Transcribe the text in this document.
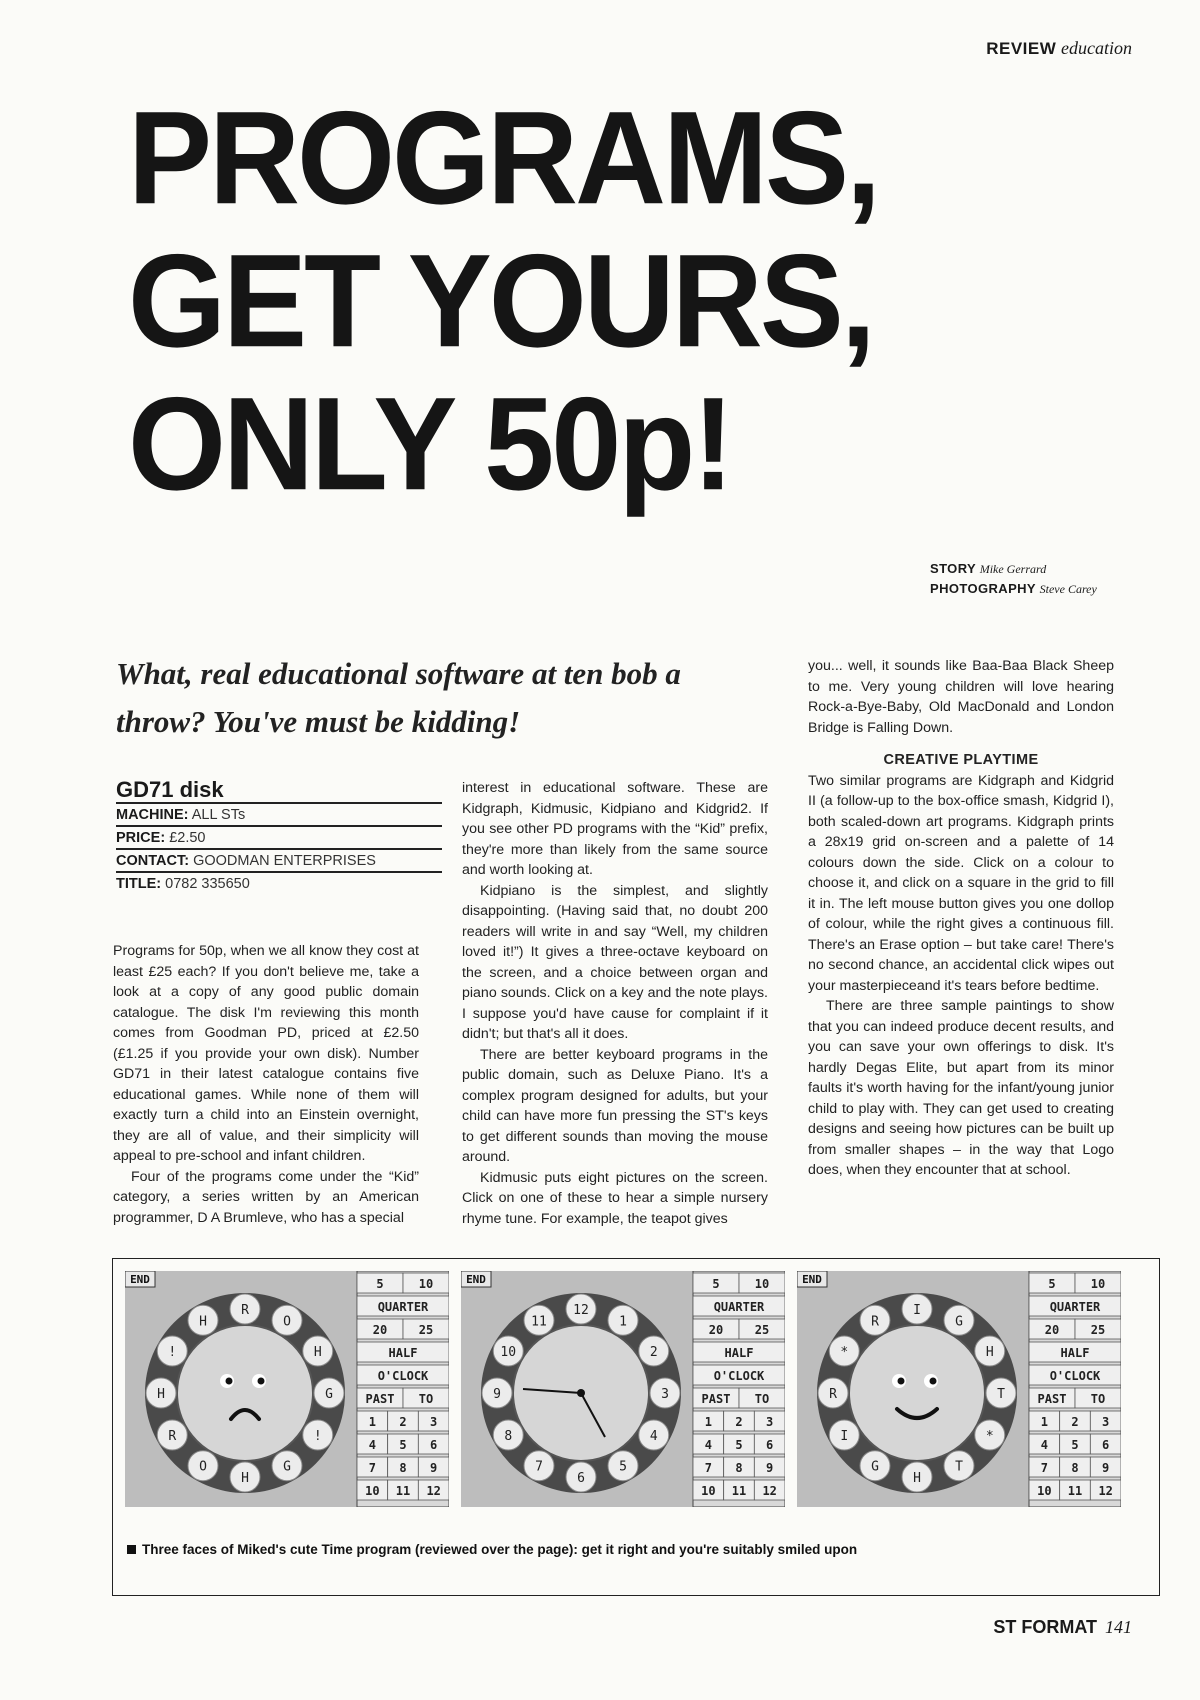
REVIEW education
PROGRAMS,
GET YOURS,
ONLY 50p!
STORY Mike Gerrard
PHOTOGRAPHY Steve Carey
What, real educational software at ten bob a throw? You've must be kidding!
GD71 disk
MACHINE: ALL STs
PRICE: £2.50
CONTACT: GOODMAN ENTERPRISES
TITLE: 0782 335650

Programs for 50p, when we all know they cost at least £25 each? If you don't believe me, take a look at a copy of any good public domain catalogue. The disk I'm reviewing this month comes from Goodman PD, priced at £2.50 (£1.25 if you provide your own disk). Number GD71 in their latest catalogue contains five educational games. While none of them will exactly turn a child into an Einstein overnight, they are all of value, and their simplicity will appeal to pre-school and infant children.

Four of the programs come under the “Kid” category, a series written by an American programmer, D A Brumleve, who has a special

interest in educational software. These are Kidgraph, Kidmusic, Kidpiano and Kidgrid2. If you see other PD programs with the “Kid” prefix, they're more than likely from the same source and worth looking at.

Kidpiano is the simplest, and slightly disappointing. (Having said that, no doubt 200 readers will write in and say “Well, my children loved it!”) It gives a three-octave keyboard on the screen, and a choice between organ and piano sounds. Click on a key and the note plays. I suppose you'd have cause for complaint if it didn't; but that's all it does.

There are better keyboard programs in the public domain, such as Deluxe Piano. It's a complex program designed for adults, but your child can have more fun pressing the ST's keys to get different sounds than moving the mouse around.

Kidmusic puts eight pictures on the screen. Click on one of these to hear a simple nursery rhyme tune. For example, the teapot gives

you... well, it sounds like Baa-Baa Black Sheep to me. Very young children will love hearing Rock-a-Bye-Baby, Old MacDonald and London Bridge is Falling Down.

CREATIVE PLAYTIME

Two similar programs are Kidgraph and Kidgrid II (a follow-up to the box-office smash, Kidgrid I), both scaled-down art programs. Kidgraph prints a 28x19 grid on-screen and a palette of 14 colours down the side. Click on a colour to choose it, and click on a square in the grid to fill it in. The left mouse button gives you one dollop of colour, while the right gives a continuous fill. There's an Erase option – but take care! There's no second chance, an accidental click wipes out your masterpieceand it's tears before bedtime.

There are three sample paintings to show that you can indeed produce decent results, and you can save your own offerings to disk. It's hardly Degas Elite, but apart from its minor faults it's worth having for the infant/young junior child to play with. They can get used to creating designs and seeing how pictures can be built up from smaller shapes – in the way that Logo does, when they encounter that at school.

END
O
H
G
!
G
H
O
R
H
!
H
R
5	10
QUARTER
20	25
HALF
O'CLOCK
PAST TO
1 2 3
4 5 6
7 8 9
10 11 12
END
12
1
2
3
4
5
6
7
8
9
10
11
5	10
QUARTER
20	25
HALF
O'CLOCK
PAST TO
1 2 3
4 5 6
7 8 9
10 11 12
END
G
H
T
*
T
H
G
I
R
*
R
I
5	10
QUARTER
20	25
HALF
O'CLOCK
PAST TO
1 2 3
4 5 6
7 8 9
10 11 12
Three faces of Miked's cute Time program (reviewed over the page): get it right and you're suitably smiled upon
ST FORMAT 141
